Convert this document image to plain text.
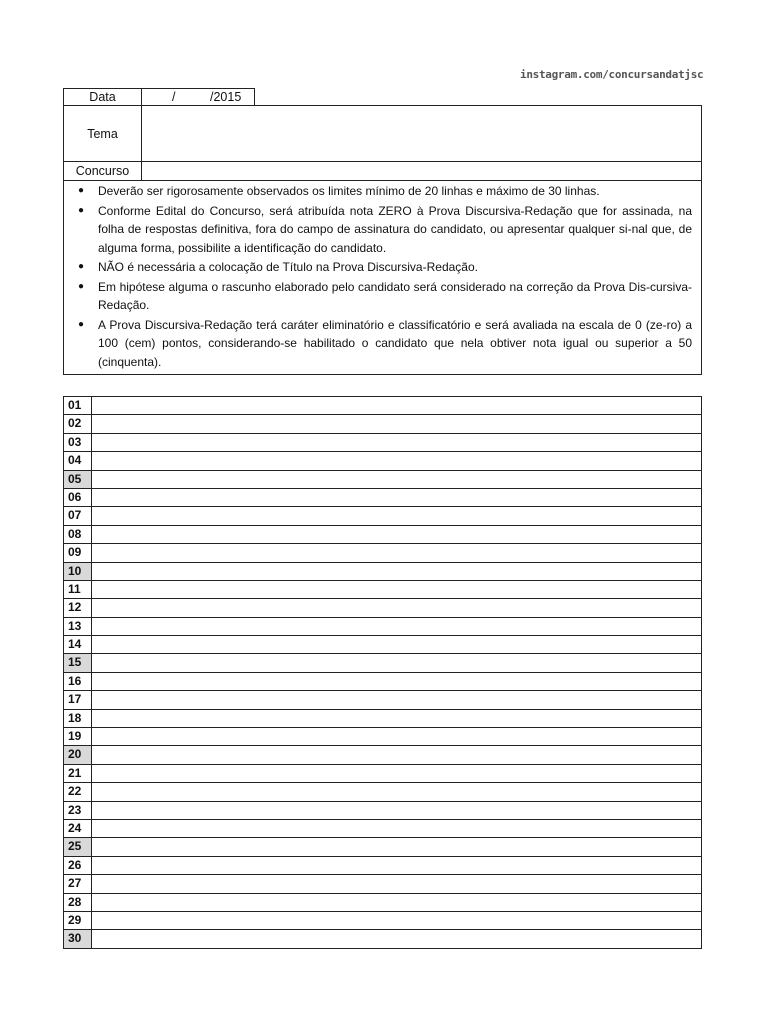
instagram.com/concursandatjsc
Data	/	/2015
Tema
Concurso
● Deverão ser rigorosamente observados os limites mínimo de 20 linhas e máximo de 30 linhas.
● Conforme Edital do Concurso, será atribuída nota ZERO à Prova Discursiva-Redação que for assinada, na folha de respostas definitiva, fora do campo de assinatura do candidato, ou apresentar qualquer si-nal que, de alguma forma, possibilite a identificação do candidato.
● NÃO é necessária a colocação de Título na Prova Discursiva-Redação.
● Em hipótese alguma o rascunho elaborado pelo candidato será considerado na correção da Prova Dis-cursiva-Redação.
● A Prova Discursiva-Redação terá caráter eliminatório e classificatório e será avaliada na escala de 0 (ze-ro) a 100 (cem) pontos, considerando-se habilitado o candidato que nela obtiver nota igual ou superior a 50 (cinquenta).
01
02
03
04
05
06
07
08
09
10
11
12
13
14
15
16
17
18
19
20
21
22
23
24
25
26
27
28
29
30
